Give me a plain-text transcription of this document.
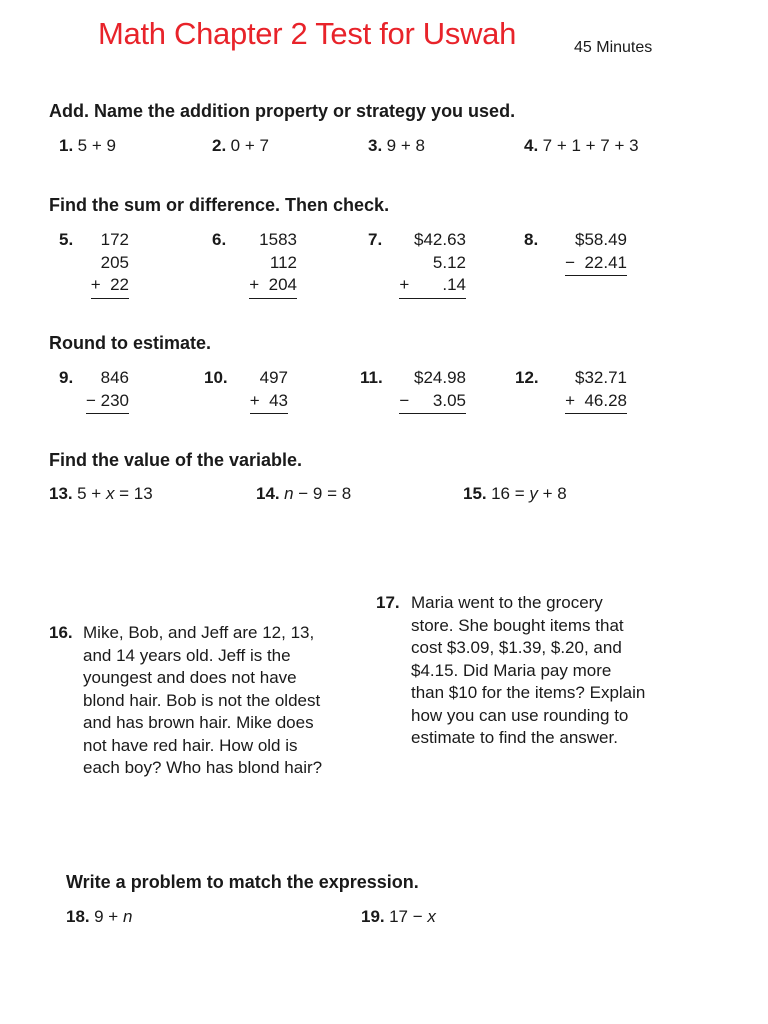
Math Chapter 2 Test for Uswah	45 Minutes
Add. Name the addition property or strategy you used.
1. 5 + 9	2. 0 + 7	3. 9 + 8	4. 7 + 1 + 7 + 3
Find the sum or difference. Then check.
5.	172
205
+  22
6.	1583
112
+  204
7.	$42.63
5.12
+       .14
8.	$58.49
−  22.41
Round to estimate.
9.	846
− 230
10.	497
+  43
11.	$24.98
−     3.05
12.	$32.71
+  46.28
Find the value of the variable.
13. 5 + x = 13	14. n − 9 = 8	15. 16 = y + 8
16. Mike, Bob, and Jeff are 12, 13,
and 14 years old. Jeff is the
youngest and does not have
blond hair. Bob is not the oldest
and has brown hair. Mike does
not have red hair. How old is
each boy? Who has blond hair?
17. Maria went to the grocery
store. She bought items that
cost $3.09, $1.39, $.20, and
$4.15. Did Maria pay more
than $10 for the items? Explain
how you can use rounding to
estimate to find the answer.
Write a problem to match the expression.
18. 9 + n	19. 17 − x
